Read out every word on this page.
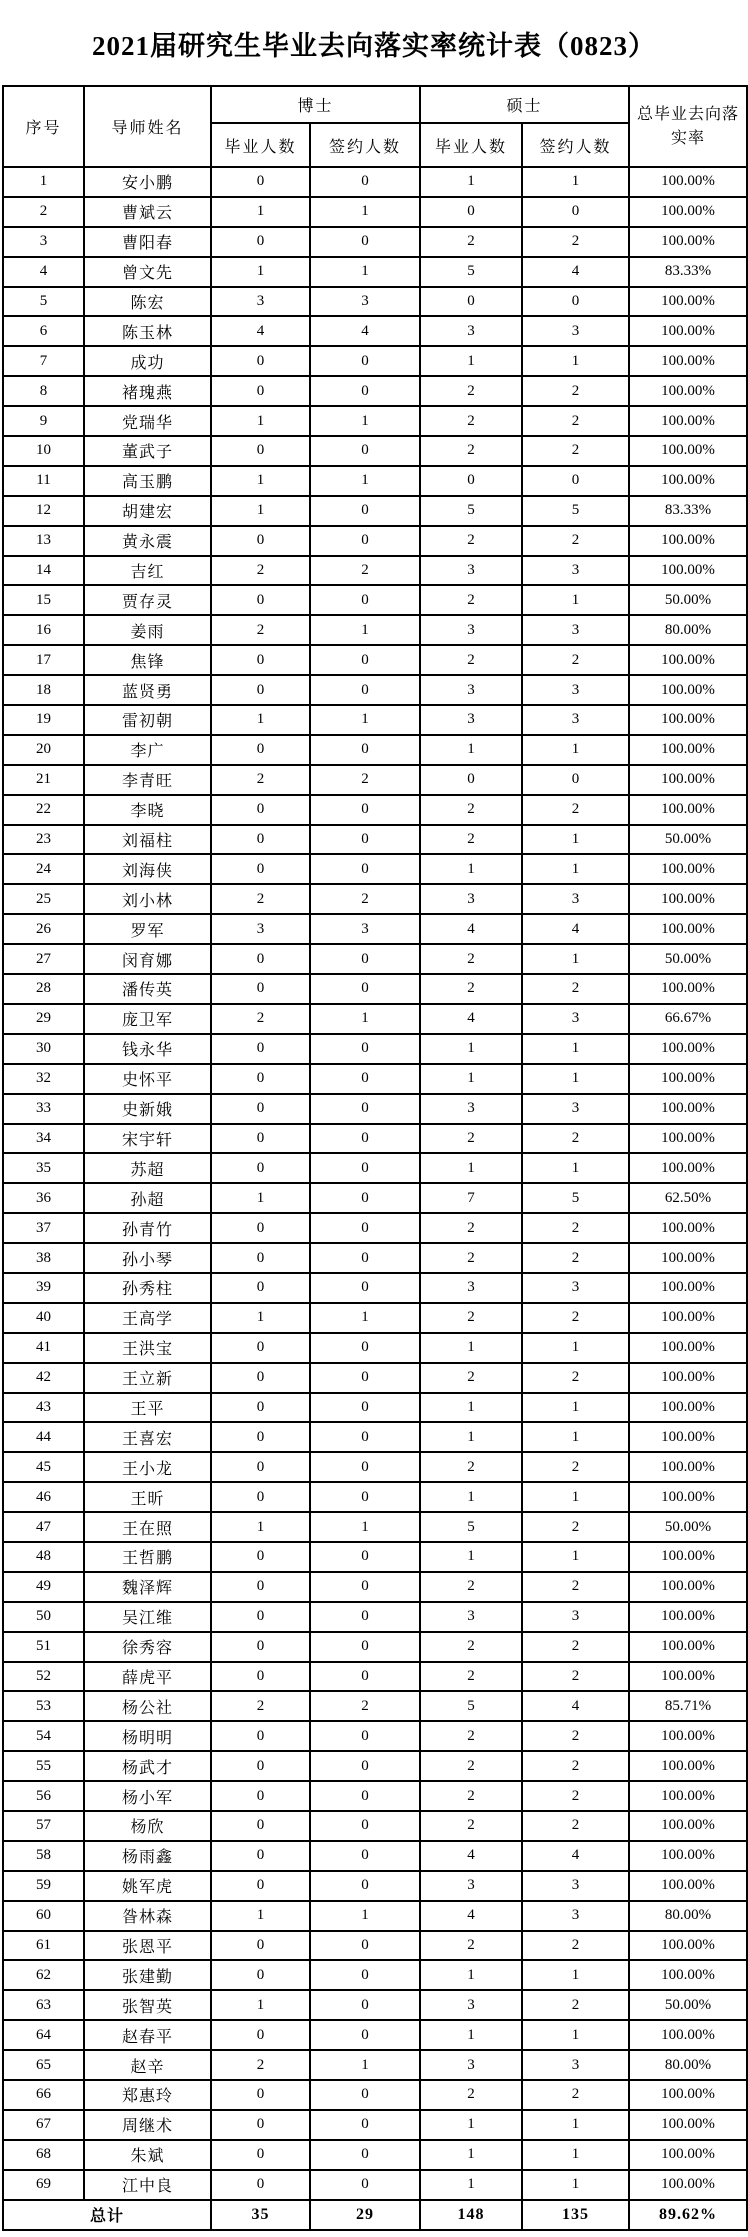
2021届研究生毕业去向落实率统计表（0823）
序号	导师姓名	博士		硕士		总毕业去向落实率
		毕业人数	签约人数	毕业人数	签约人数	
1	安小鹏	0	0	1	1	100.00%
2	曹斌云	1	1	0	0	100.00%
3	曹阳春	0	0	2	2	100.00%
4	曾文先	1	1	5	4	83.33%
5	陈宏	3	3	0	0	100.00%
6	陈玉林	4	4	3	3	100.00%
7	成功	0	0	1	1	100.00%
8	褚瑰燕	0	0	2	2	100.00%
9	党瑞华	1	1	2	2	100.00%
10	董武子	0	0	2	2	100.00%
11	高玉鹏	1	1	0	0	100.00%
12	胡建宏	1	0	5	5	83.33%
13	黄永震	0	0	2	2	100.00%
14	吉红	2	2	3	3	100.00%
15	贾存灵	0	0	2	1	50.00%
16	姜雨	2	1	3	3	80.00%
17	焦锋	0	0	2	2	100.00%
18	蓝贤勇	0	0	3	3	100.00%
19	雷初朝	1	1	3	3	100.00%
20	李广	0	0	1	1	100.00%
21	李青旺	2	2	0	0	100.00%
22	李晓	0	0	2	2	100.00%
23	刘福柱	0	0	2	1	50.00%
24	刘海侠	0	0	1	1	100.00%
25	刘小林	2	2	3	3	100.00%
26	罗军	3	3	4	4	100.00%
27	闵育娜	0	0	2	1	50.00%
28	潘传英	0	0	2	2	100.00%
29	庞卫军	2	1	4	3	66.67%
30	钱永华	0	0	1	1	100.00%
32	史怀平	0	0	1	1	100.00%
33	史新娥	0	0	3	3	100.00%
34	宋宇轩	0	0	2	2	100.00%
35	苏超	0	0	1	1	100.00%
36	孙超	1	0	7	5	62.50%
37	孙青竹	0	0	2	2	100.00%
38	孙小琴	0	0	2	2	100.00%
39	孙秀柱	0	0	3	3	100.00%
40	王高学	1	1	2	2	100.00%
41	王洪宝	0	0	1	1	100.00%
42	王立新	0	0	2	2	100.00%
43	王平	0	0	1	1	100.00%
44	王喜宏	0	0	1	1	100.00%
45	王小龙	0	0	2	2	100.00%
46	王昕	0	0	1	1	100.00%
47	王在照	1	1	5	2	50.00%
48	王哲鹏	0	0	1	1	100.00%
49	魏泽辉	0	0	2	2	100.00%
50	吴江维	0	0	3	3	100.00%
51	徐秀容	0	0	2	2	100.00%
52	薛虎平	0	0	2	2	100.00%
53	杨公社	2	2	5	4	85.71%
54	杨明明	0	0	2	2	100.00%
55	杨武才	0	0	2	2	100.00%
56	杨小军	0	0	2	2	100.00%
57	杨欣	0	0	2	2	100.00%
58	杨雨鑫	0	0	4	4	100.00%
59	姚军虎	0	0	3	3	100.00%
60	昝林森	1	1	4	3	80.00%
61	张恩平	0	0	2	2	100.00%
62	张建勤	0	0	1	1	100.00%
63	张智英	1	0	3	2	50.00%
64	赵春平	0	0	1	1	100.00%
65	赵辛	2	1	3	3	80.00%
66	郑惠玲	0	0	2	2	100.00%
67	周继术	0	0	1	1	100.00%
68	朱斌	0	0	1	1	100.00%
69	江中良	0	0	1	1	100.00%
总计		35	29	148	135	89.62%
